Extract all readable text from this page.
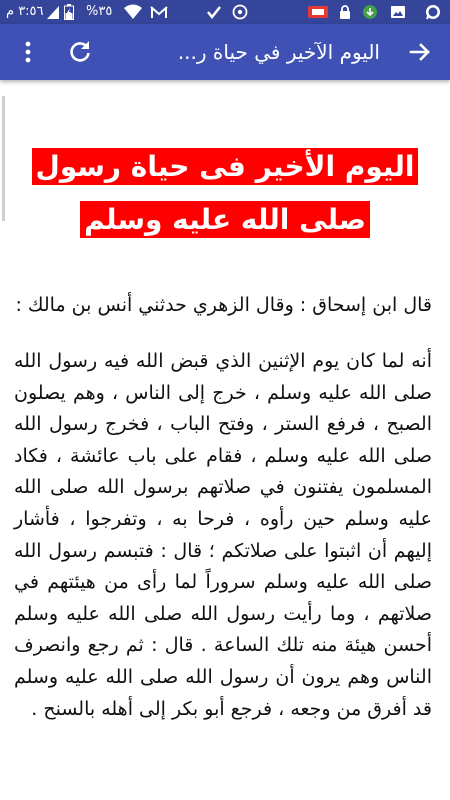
٣:٥٦ م	%٣٥
اليوم الآخير في حياة ر...
اليوم الأخير فى حياة رسول صلى الله عليه وسلم
قال ابن إسحاق : وقال الزهري حدثني أنس بن مالك :
أنه لما كان يوم الإثنين الذي قبض الله فيه رسول الله صلى الله عليه وسلم ، خرج إلى الناس ، وهم يصلون الصبح ، فرفع الستر ، وفتح الباب ، فخرج رسول الله صلى الله عليه وسلم ، فقام على باب عائشة ، فكاد المسلمون يفتنون في صلاتهم برسول الله صلى الله عليه وسلم حين رأوه ، فرحا به ، وتفرجوا ، فأشار إليهم أن اثبتوا على صلاتكم ؛ قال : فتبسم رسول الله صلى الله عليه وسلم سروراً لما رأى من هيئتهم في صلاتهم ، وما رأيت رسول الله صلى الله عليه وسلم أحسن هيئة منه تلك الساعة . قال : ثم رجع وانصرف الناس وهم يرون أن رسول الله صلى الله عليه وسلم قد أفرق من وجعه ، فرجع أبو بكر إلى أهله بالسنح .
